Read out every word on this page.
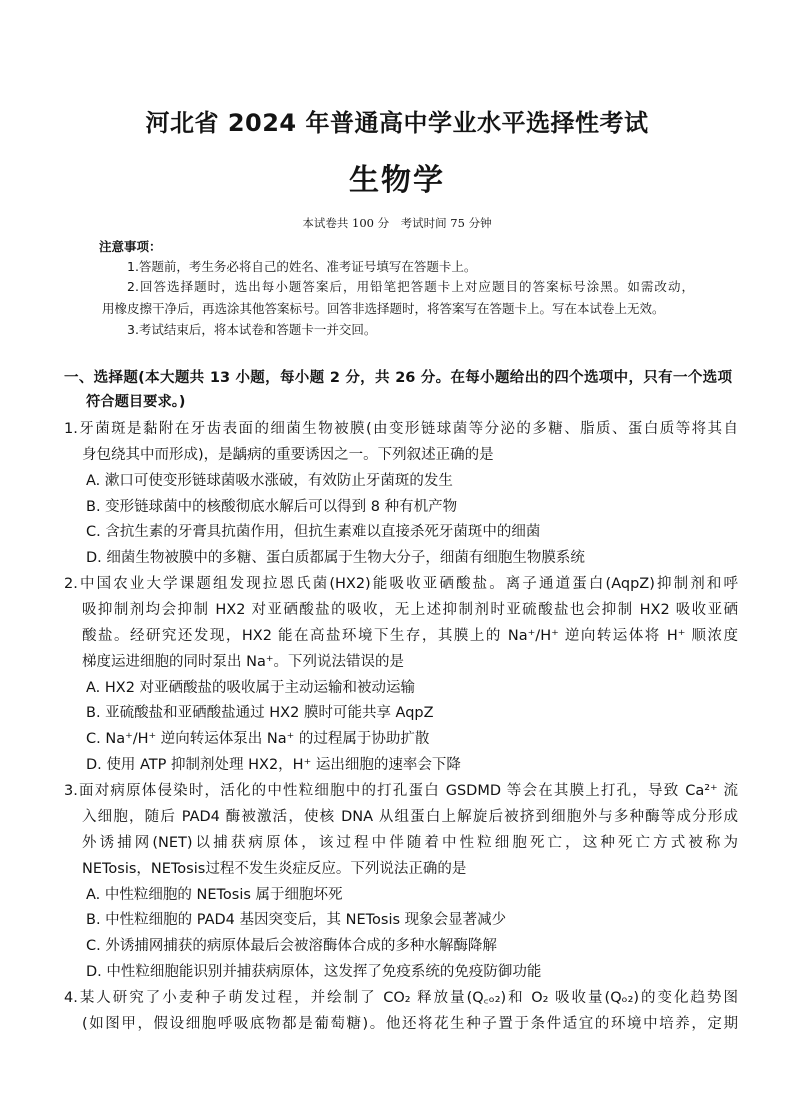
河北省 2024 年普通高中学业水平选择性考试
生物学
本试卷共 100 分　考试时间 75 分钟
注意事项：
1.答题前，考生务必将自己的姓名、准考证号填写在答题卡上。
2.回答选择题时，选出每小题答案后，用铅笔把答题卡上对应题目的答案标号涂黑。如需改动，
用橡皮擦干净后，再选涂其他答案标号。回答非选择题时，将答案写在答题卡上。写在本试卷上无效。
3.考试结束后，将本试卷和答题卡一并交回。
一、选择题(本大题共 13 小题，每小题 2 分，共 26 分。在每小题给出的四个选项中，只有一个选项
符合题目要求。)
1.牙菌斑是黏附在牙齿表面的细菌生物被膜(由变形链球菌等分泌的多糖、脂质、蛋白质等将其自
身包绕其中而形成)，是龋病的重要诱因之一。下列叙述正确的是
A. 漱口可使变形链球菌吸水涨破，有效防止牙菌斑的发生
B. 变形链球菌中的核酸彻底水解后可以得到 8 种有机产物
C. 含抗生素的牙膏具抗菌作用，但抗生素难以直接杀死牙菌斑中的细菌
D. 细菌生物被膜中的多糖、蛋白质都属于生物大分子，细菌有细胞生物膜系统
2.中国农业大学课题组发现拉恩氏菌(HX2)能吸收亚硒酸盐。离子通道蛋白(AqpZ)抑制剂和呼
吸抑制剂均会抑制 HX2 对亚硒酸盐的吸收，无上述抑制剂时亚硫酸盐也会抑制 HX2 吸收亚硒
酸盐。经研究还发现，HX2 能在高盐环境下生存，其膜上的 Na⁺/H⁺ 逆向转运体将 H⁺ 顺浓度
梯度运进细胞的同时泵出 Na⁺。下列说法错误的是
A. HX2 对亚硒酸盐的吸收属于主动运输和被动运输
B. 亚硫酸盐和亚硒酸盐通过 HX2 膜时可能共享 AqpZ
C. Na⁺/H⁺ 逆向转运体泵出 Na⁺ 的过程属于协助扩散
D. 使用 ATP 抑制剂处理 HX2，H⁺ 运出细胞的速率会下降
3.面对病原体侵染时，活化的中性粒细胞中的打孔蛋白 GSDMD 等会在其膜上打孔，导致 Ca²⁺ 流
入细胞，随后 PAD4 酶被激活，使核 DNA 从组蛋白上解旋后被挤到细胞外与多种酶等成分形成
外诱捕网(NET)以捕获病原体，该过程中伴随着中性粒细胞死亡，这种死亡方式被称为
NETosis，NETosis过程不发生炎症反应。下列说法正确的是
A. 中性粒细胞的 NETosis 属于细胞坏死
B. 中性粒细胞的 PAD4 基因突变后，其 NETosis 现象会显著减少
C. 外诱捕网捕获的病原体最后会被溶酶体合成的多种水解酶降解
D. 中性粒细胞能识别并捕获病原体，这发挥了免疫系统的免疫防御功能
4.某人研究了小麦种子萌发过程，并绘制了 CO₂ 释放量(Q꜀ₒ₂)和 O₂ 吸收量(Qₒ₂)的变化趋势图
(如图甲，假设细胞呼吸底物都是葡萄糖)。他还将花生种子置于条件适宜的环境中培养，定期
